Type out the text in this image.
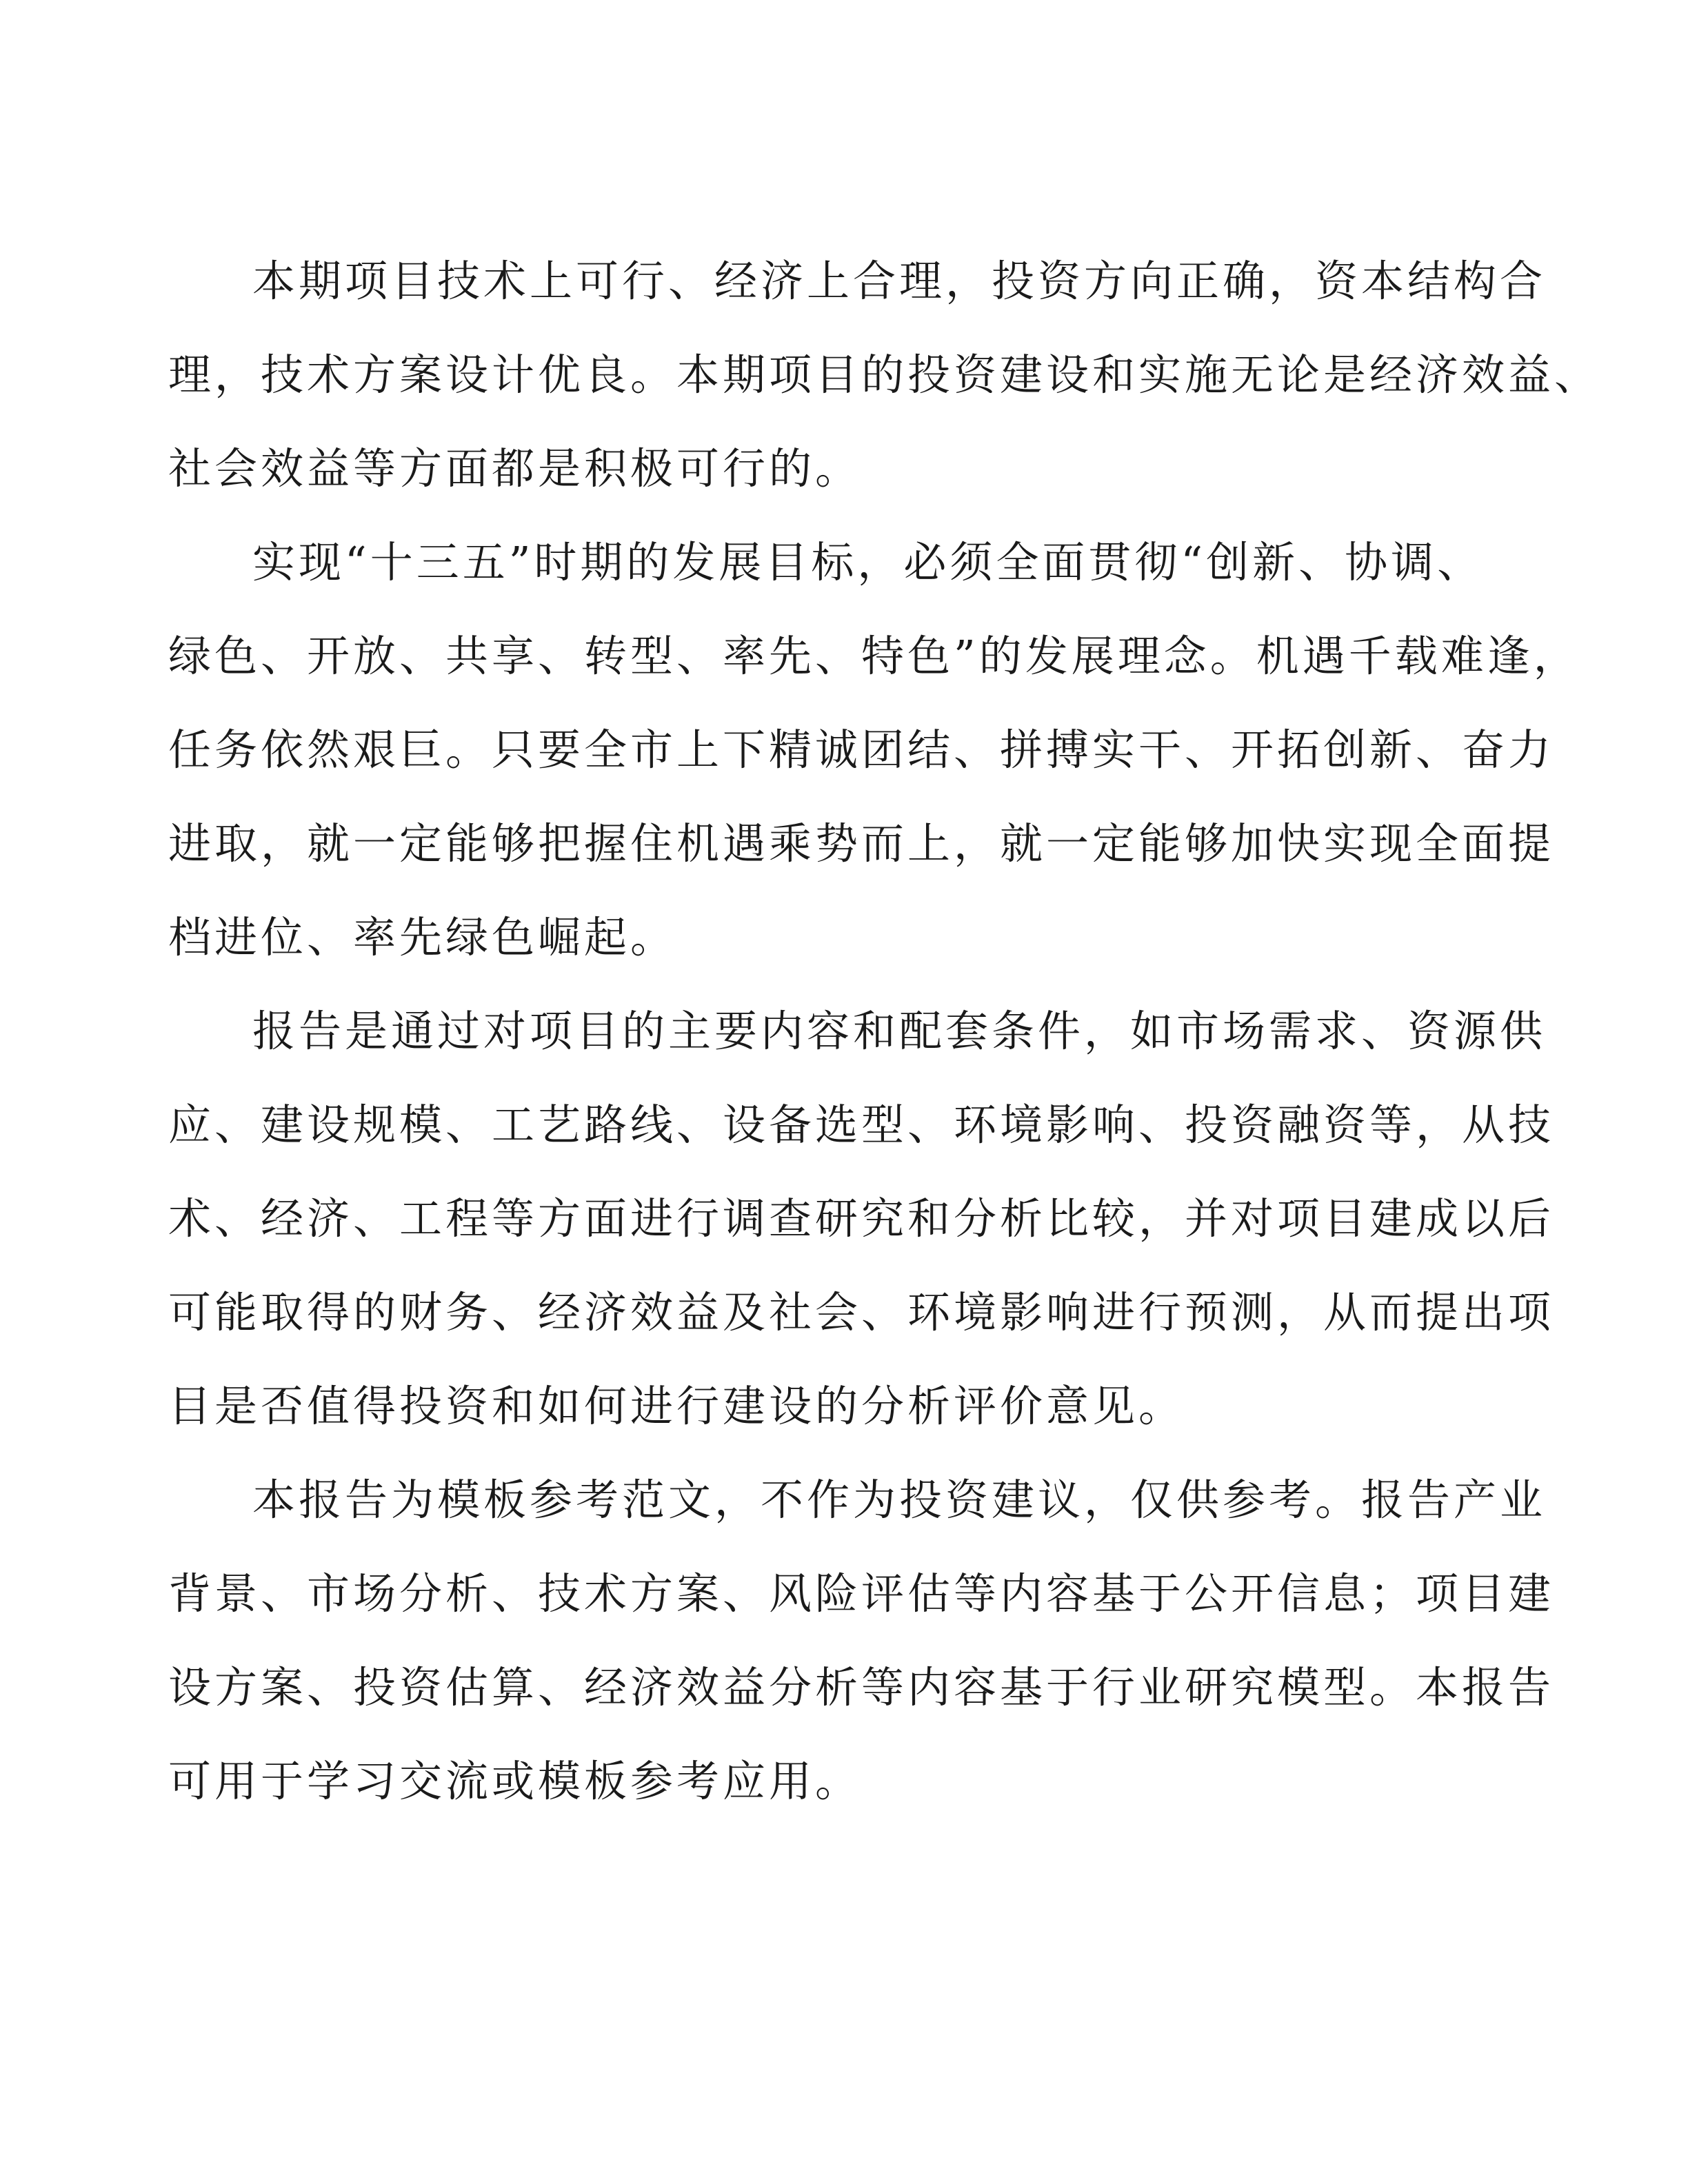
本期项目技术上可行、经济上合理，投资方向正确，资本结构合
理，技术方案设计优良。本期项目的投资建设和实施无论是经济效益、
社会效益等方面都是积极可行的。
实现“十三五”时期的发展目标，必须全面贯彻“创新、协调、
绿色、开放、共享、转型、率先、特色”的发展理念。机遇千载难逢，
任务依然艰巨。只要全市上下精诚团结、拼搏实干、开拓创新、奋力
进取，就一定能够把握住机遇乘势而上，就一定能够加快实现全面提
档进位、率先绿色崛起。
报告是通过对项目的主要内容和配套条件，如市场需求、资源供
应、建设规模、工艺路线、设备选型、环境影响、投资融资等，从技
术、经济、工程等方面进行调查研究和分析比较，并对项目建成以后
可能取得的财务、经济效益及社会、环境影响进行预测，从而提出项
目是否值得投资和如何进行建设的分析评价意见。
本报告为模板参考范文，不作为投资建议，仅供参考。报告产业
背景、市场分析、技术方案、风险评估等内容基于公开信息；项目建
设方案、投资估算、经济效益分析等内容基于行业研究模型。本报告
可用于学习交流或模板参考应用。
